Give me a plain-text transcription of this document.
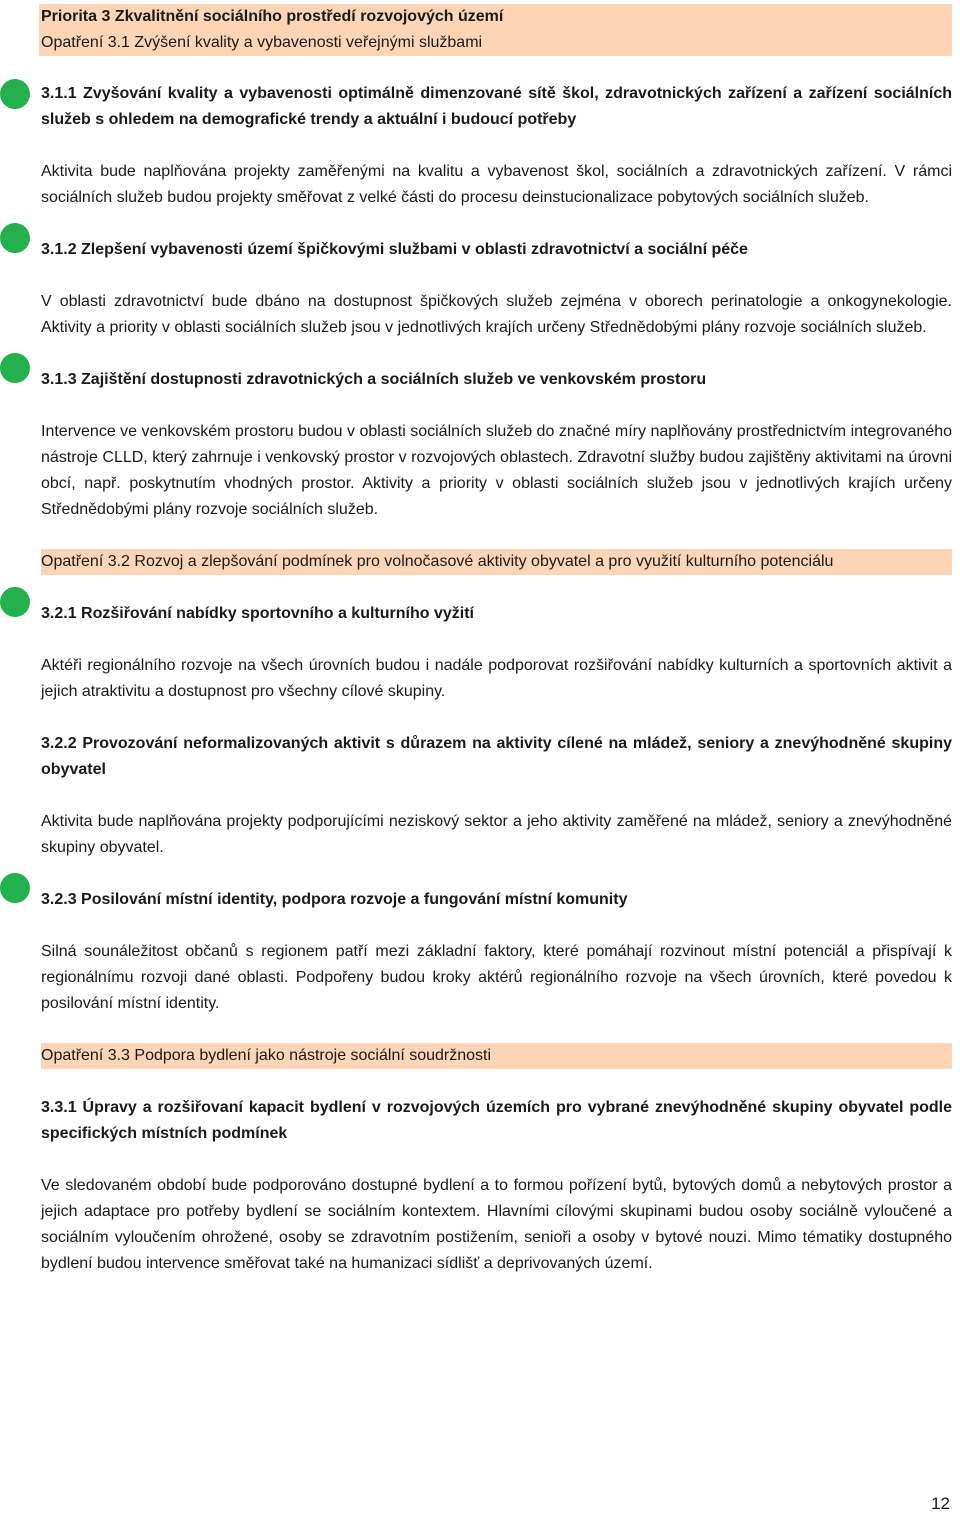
Priorita 3 Zkvalitnění sociálního prostředí rozvojových území
Opatření 3.1 Zvýšení kvality a vybavenosti veřejnými službami

3.1.1 Zvyšování kvality a vybavenosti optimálně dimenzované sítě škol, zdravotnických zařízení a zařízení sociálních služeb s ohledem na demografické trendy a aktuální i budoucí potřeby

Aktivita bude naplňována projekty zaměřenými na kvalitu a vybavenost škol, sociálních a zdravotnických zařízení. V rámci sociálních služeb budou projekty směřovat z velké části do procesu deinstucionalizace pobytových sociálních služeb.

3.1.2 Zlepšení vybavenosti území špičkovými službami v oblasti zdravotnictví a sociální péče

V oblasti zdravotnictví bude dbáno na dostupnost špičkových služeb zejména v oborech perinatologie a onkogynekologie. Aktivity a priority v oblasti sociálních služeb jsou v jednotlivých krajích určeny Střednědobými plány rozvoje sociálních služeb.

3.1.3 Zajištění dostupnosti zdravotnických a sociálních služeb ve venkovském prostoru

Intervence ve venkovském prostoru budou v oblasti sociálních služeb do značné míry naplňovány prostřednictvím integrovaného nástroje CLLD, který zahrnuje i venkovský prostor v rozvojových oblastech. Zdravotní služby budou zajištěny aktivitami na úrovni obcí, např. poskytnutím vhodných prostor. Aktivity a priority v oblasti sociálních služeb jsou v jednotlivých krajích určeny Střednědobými plány rozvoje sociálních služeb.

Opatření 3.2 Rozvoj a zlepšování podmínek pro volnočasové aktivity obyvatel a pro využití kulturního potenciálu

3.2.1 Rozšiřování nabídky sportovního a kulturního vyžití

Aktéři regionálního rozvoje na všech úrovních budou i nadále podporovat rozšiřování nabídky kulturních a sportovních aktivit a jejich atraktivitu a dostupnost pro všechny cílové skupiny.

3.2.2 Provozování neformalizovaných aktivit s důrazem na aktivity cílené na mládež, seniory a znevýhodněné skupiny obyvatel

Aktivita bude naplňována projekty podporujícími neziskový sektor a jeho aktivity zaměřené na mládež, seniory a znevýhodněné skupiny obyvatel.

3.2.3 Posilování místní identity, podpora rozvoje a fungování místní komunity

Silná sounáležitost občanů s regionem patří mezi základní faktory, které pomáhají rozvinout místní potenciál a přispívají k regionálnímu rozvoji dané oblasti. Podpořeny budou kroky aktérů regionálního rozvoje na všech úrovních, které povedou k posilování místní identity.

Opatření 3.3 Podpora bydlení jako nástroje sociální soudržnosti

3.3.1 Úpravy a rozšiřovaní kapacit bydlení v rozvojových územích pro vybrané znevýhodněné skupiny obyvatel podle specifických místních podmínek

Ve sledovaném období bude podporováno dostupné bydlení a to formou pořízení bytů, bytových domů a nebytových prostor a jejich adaptace pro potřeby bydlení se sociálním kontextem. Hlavními cílovými skupinami budou osoby sociálně vyloučené a sociálním vyloučením ohrožené, osoby se zdravotním postižením, senioři a osoby v bytové nouzi. Mimo tématiky dostupného bydlení budou intervence směřovat také na humanizaci sídlišť a deprivovaných území.

12
